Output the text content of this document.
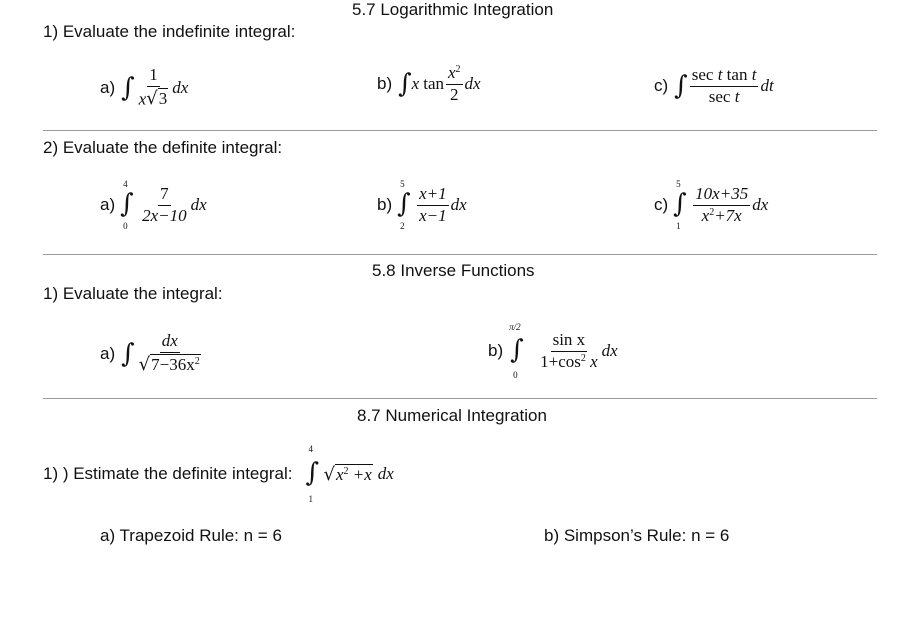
5.7 Logarithmic Integration
1) Evaluate the indefinite integral:
a) ∫ $\frac{1}{x √ 3}$ dx	b) ∫ x $\tan \frac{x^2}{2}$ dx	c) ∫ $\frac{\text{sec t tan t}}{\text{sec t}}$ dt
2) Evaluate the definite integral:
a)
4
∫
0
$\frac{7}{2x-10}$ dx	b)
5
∫
2
$\frac{x+1}{x-1}$ dx	c)
5
∫
1
$\frac{10x+35}{x^2+7x}$ dx
5.8 Inverse Functions
1) Evaluate the integral:
a) ∫ $\frac{dx}{√ 7-36x^2}$	b)
π/2
∫
0
$\frac{\text{sin x}}{1+\cos^2 x}$ dx
8.7 Numerical Integration
1) ) Estimate the definite integral:
4
∫
1
√ $x^2 +x$ dx
a) Trapezoid Rule: n = 6	b) Simpson’s Rule: n = 6
